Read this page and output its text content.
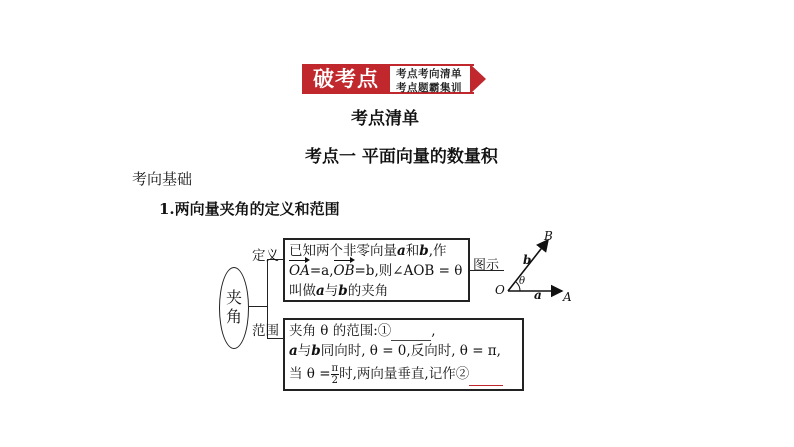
破考点	考点考向清单
考点题霸集训
考点清单
考点一 平面向量的数量积
考向基础
1.两向量夹角的定义和范围
夹
角
定义 已知两个非零向量a和b,作
OA=a,OB=b,则∠AOB = θ
叫做a与b的夹角
图示
O	A
B
a
b
θ
范围 夹角 θ 的范围:①	,
a与b同向时, θ = 0,反向时, θ = π,
当 $\theta = \frac{\pi}{2}$ 时,两向量垂直,记作②
